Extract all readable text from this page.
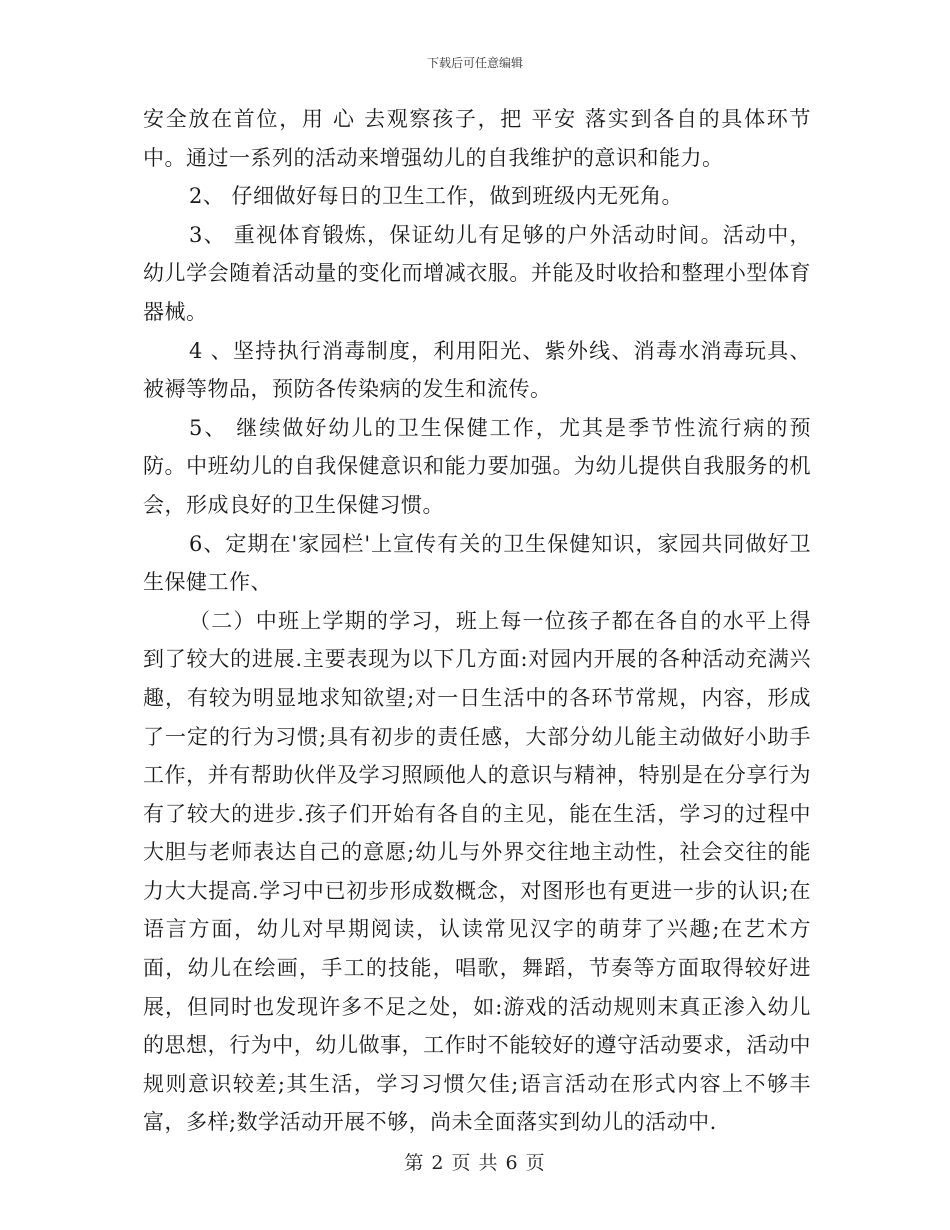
下载后可任意编辑

安全放在首位，用 心 去观察孩子，把 平安 落实到各自的具体环节中。通过一系列的活动来增强幼儿的自我维护的意识和能力。

2、 仔细做好每日的卫生工作，做到班级内无死角。

3、 重视体育锻炼，保证幼儿有足够的户外活动时间。活动中，幼儿学会随着活动量的变化而增减衣服。并能及时收拾和整理小型体育器械。

4 、坚持执行消毒制度，利用阳光、紫外线、消毒水消毒玩具、被褥等物品，预防各传染病的发生和流传。

5、 继续做好幼儿的卫生保健工作，尤其是季节性流行病的预防。中班幼儿的自我保健意识和能力要加强。为幼儿提供自我服务的机会，形成良好的卫生保健习惯。

6、定期在'家园栏'上宣传有关的卫生保健知识，家园共同做好卫生保健工作、

（二）中班上学期的学习，班上每一位孩子都在各自的水平上得到了较大的进展.主要表现为以下几方面:对园内开展的各种活动充满兴趣，有较为明显地求知欲望;对一日生活中的各环节常规，内容，形成了一定的行为习惯;具有初步的责任感，大部分幼儿能主动做好小助手工作，并有帮助伙伴及学习照顾他人的意识与精神，特别是在分享行为有了较大的进步.孩子们开始有各自的主见，能在生活，学习的过程中大胆与老师表达自己的意愿;幼儿与外界交往地主动性，社会交往的能力大大提高.学习中已初步形成数概念，对图形也有更进一步的认识;在语言方面，幼儿对早期阅读，认读常见汉字的萌芽了兴趣;在艺术方面，幼儿在绘画，手工的技能，唱歌，舞蹈，节奏等方面取得较好进展，但同时也发现许多不足之处，如:游戏的活动规则末真正渗入幼儿的思想，行为中，幼儿做事，工作时不能较好的遵守活动要求，活动中规则意识较差;其生活，学习习惯欠佳;语言活动在形式内容上不够丰富，多样;数学活动开展不够，尚未全面落实到幼儿的活动中.

第 2 页 共 6 页
